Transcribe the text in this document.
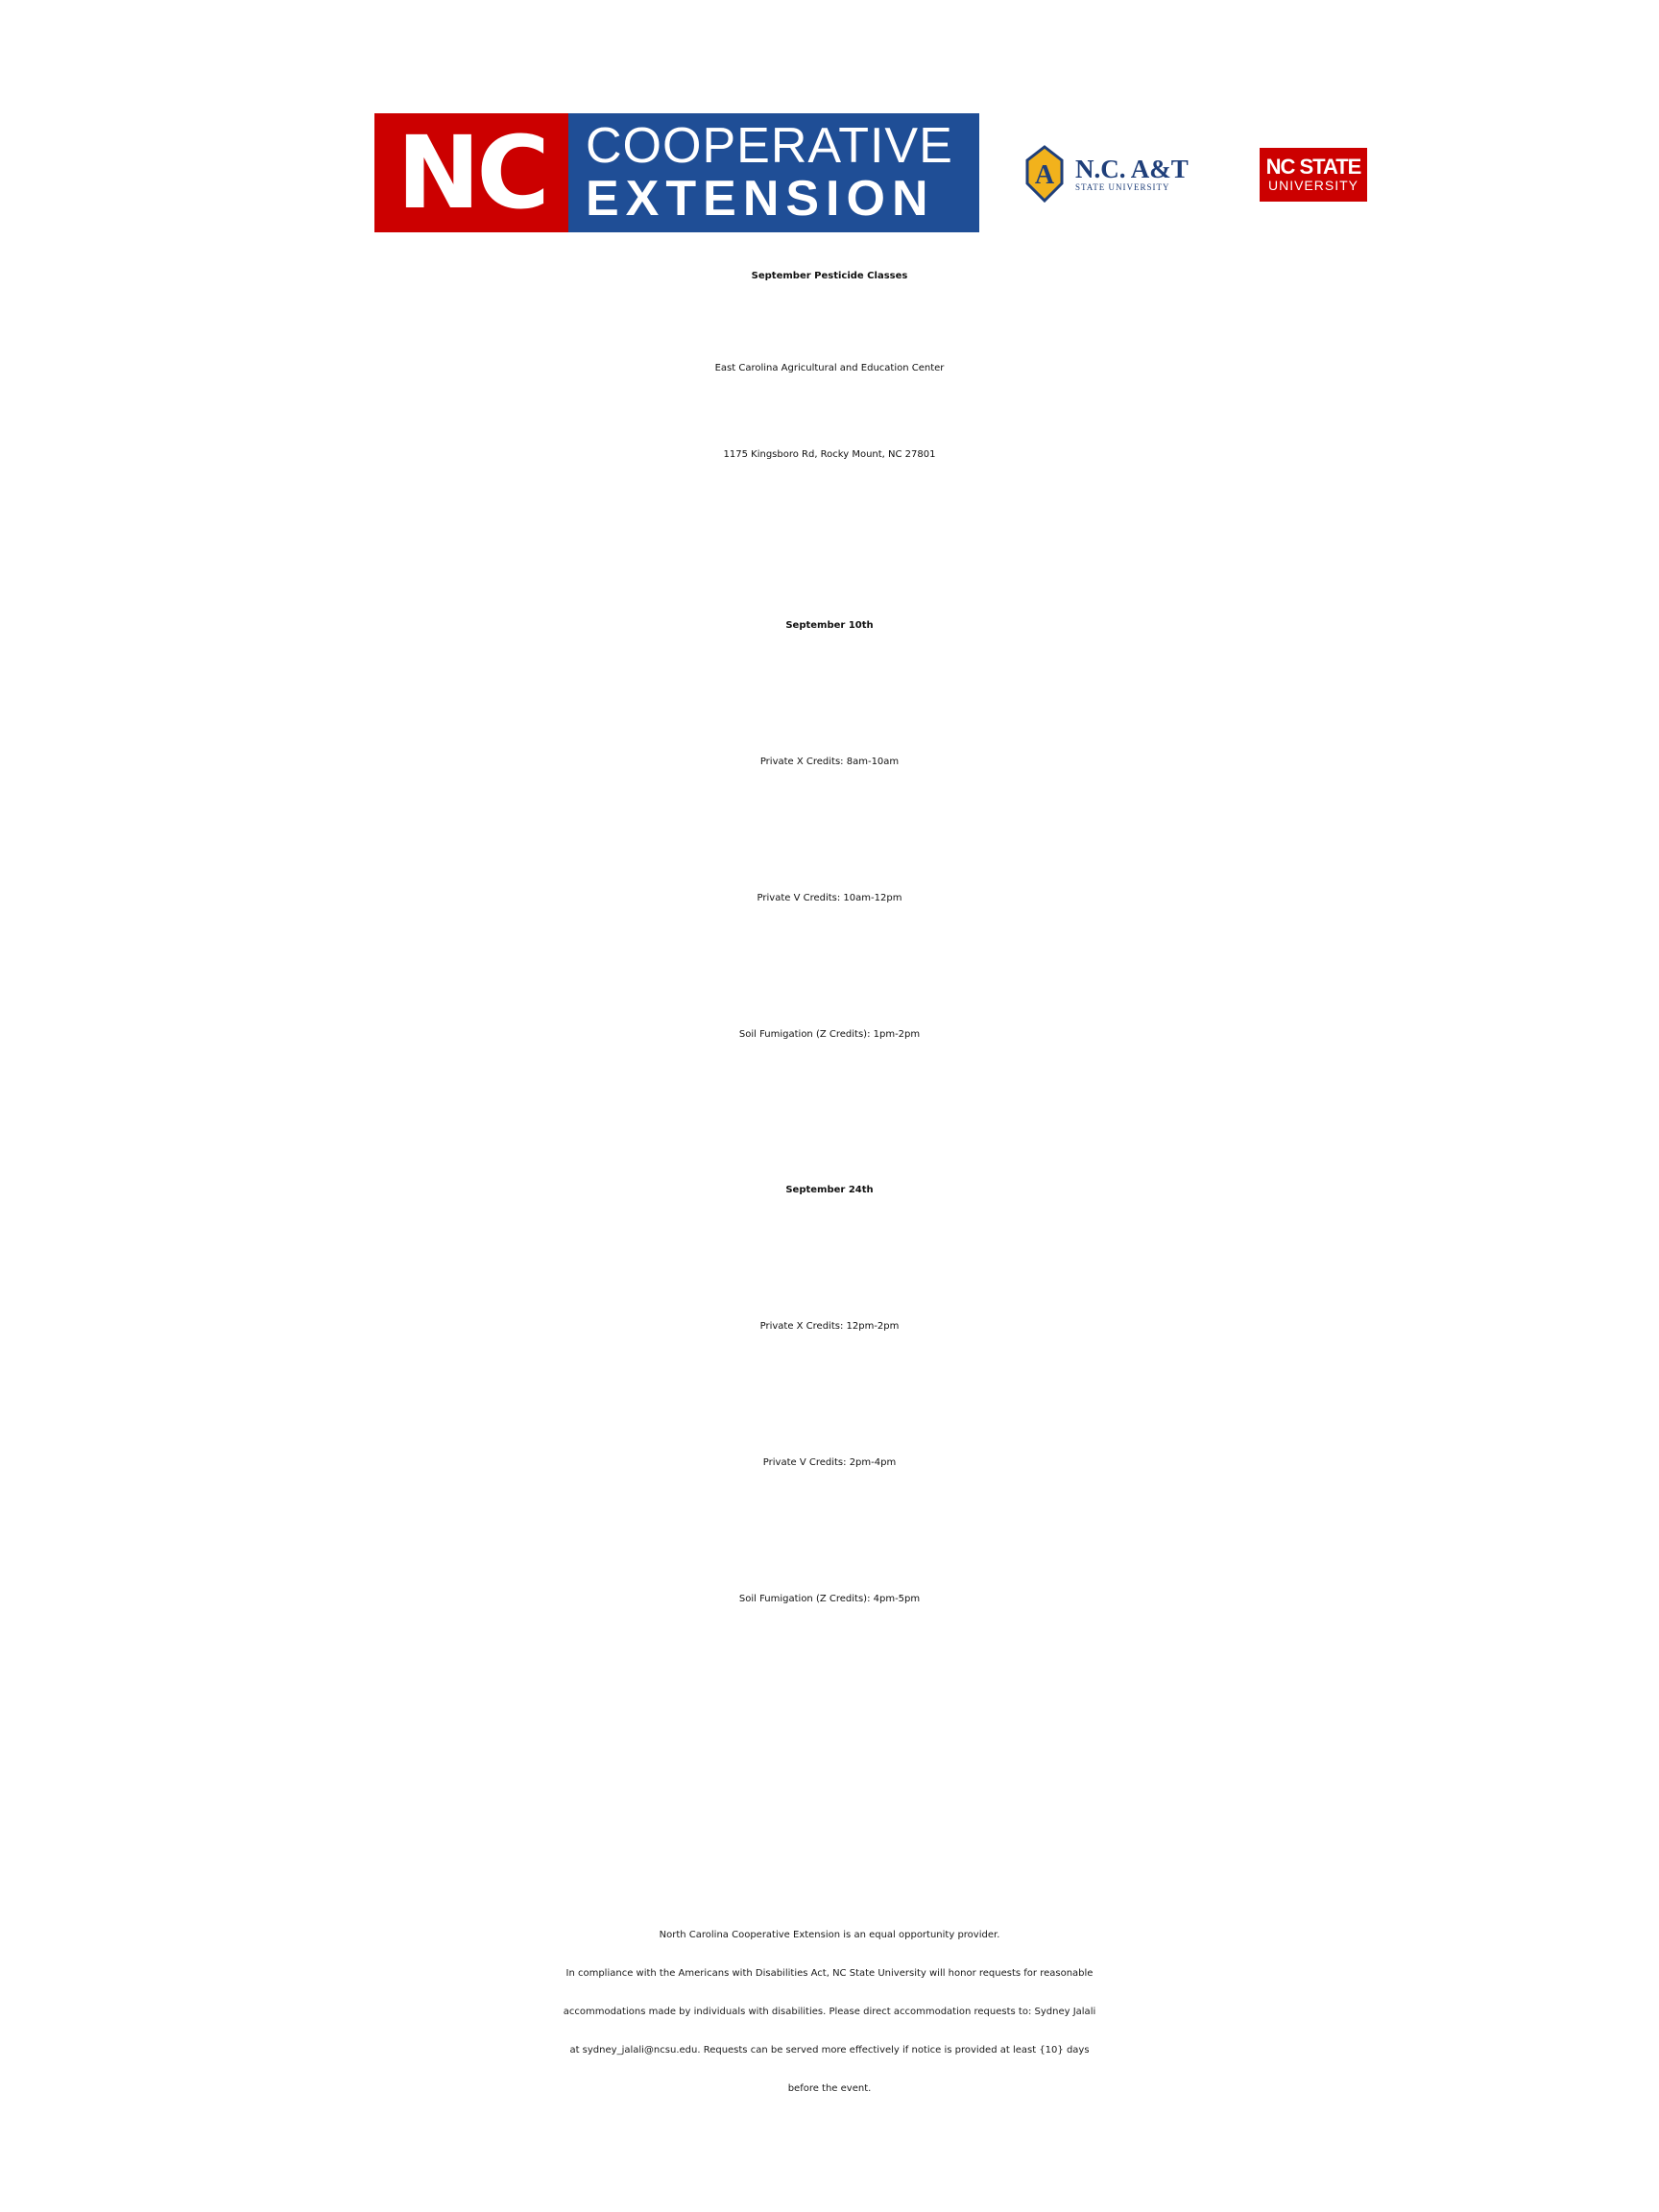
NC COOPERATIVE
EXTENSION	A N.C. A&T
STATE UNIVERSITY
NC STATE
UNIVERSITY
September Pesticide Classes
East Carolina Agricultural and Education Center
1175 Kingsboro Rd, Rocky Mount, NC 27801
September 10th
Private X Credits: 8am-10am
Private V Credits: 10am-12pm
Soil Fumigation (Z Credits): 1pm-2pm
September 24th
Private X Credits: 12pm-2pm
Private V Credits: 2pm-4pm
Soil Fumigation (Z Credits): 4pm-5pm
North Carolina Cooperative Extension is an equal opportunity provider.
In compliance with the Americans with Disabilities Act, NC State University will honor requests for reasonable
accommodations made by individuals with disabilities. Please direct accommodation requests to: Sydney Jalali
at sydney_jalali@ncsu.edu. Requests can be served more effectively if notice is provided at least {10} days
before the event.
